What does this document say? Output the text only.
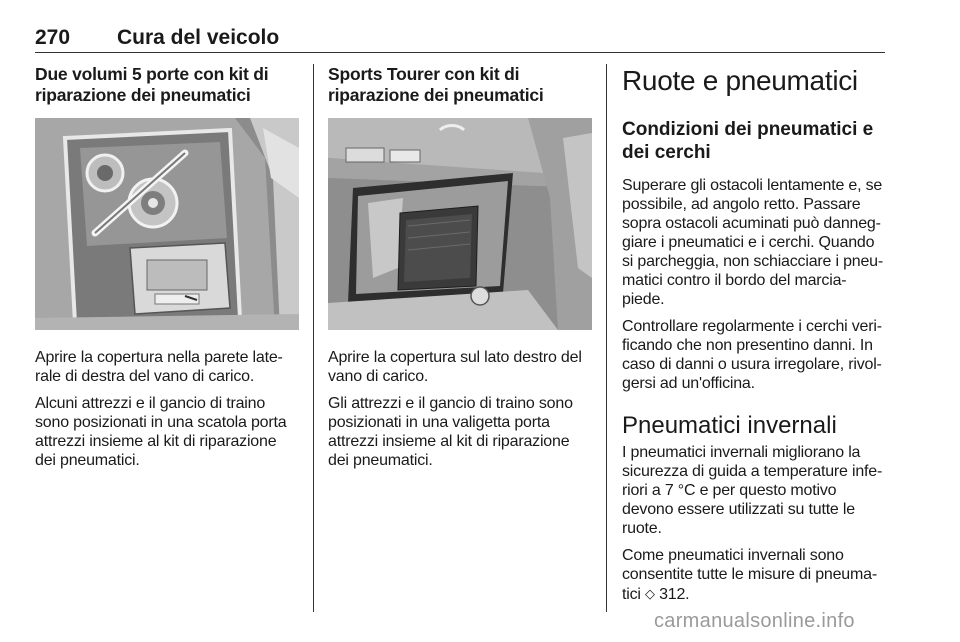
270 Cura del veicolo
Due volumi 5 porte con kit di riparazione dei pneumatici

Aprire la copertura nella parete late-rale di destra del vano di carico.

Alcuni attrezzi e il gancio di traino sono posizionati in una scatola porta attrezzi insieme al kit di riparazione dei pneumatici.

Sports Tourer con kit di riparazione dei pneumatici

Aprire la copertura sul lato destro del vano di carico.

Gli attrezzi e il gancio di traino sono posizionati in una valigetta porta attrezzi insieme al kit di riparazione dei pneumatici.

Ruote e pneumatici
Condizioni dei pneumatici e dei cerchi

Superare gli ostacoli lentamente e, se possibile, ad angolo retto. Passare sopra ostacoli acuminati può danneg-giare i pneumatici e i cerchi. Quando si parcheggia, non schiacciare i pneu-matici contro il bordo del marcia-piede.

Controllare regolarmente i cerchi veri-ficando che non presentino danni. In caso di danni o usura irregolare, rivol-gersi ad un'officina.

Pneumatici invernali

I pneumatici invernali migliorano la sicurezza di guida a temperature infe-riori a 7 °C e per questo motivo devono essere utilizzati su tutte le ruote.

Come pneumatici invernali sono consentite tutte le misure di pneuma-tici ◇ 312.

carmanualsonline.info
